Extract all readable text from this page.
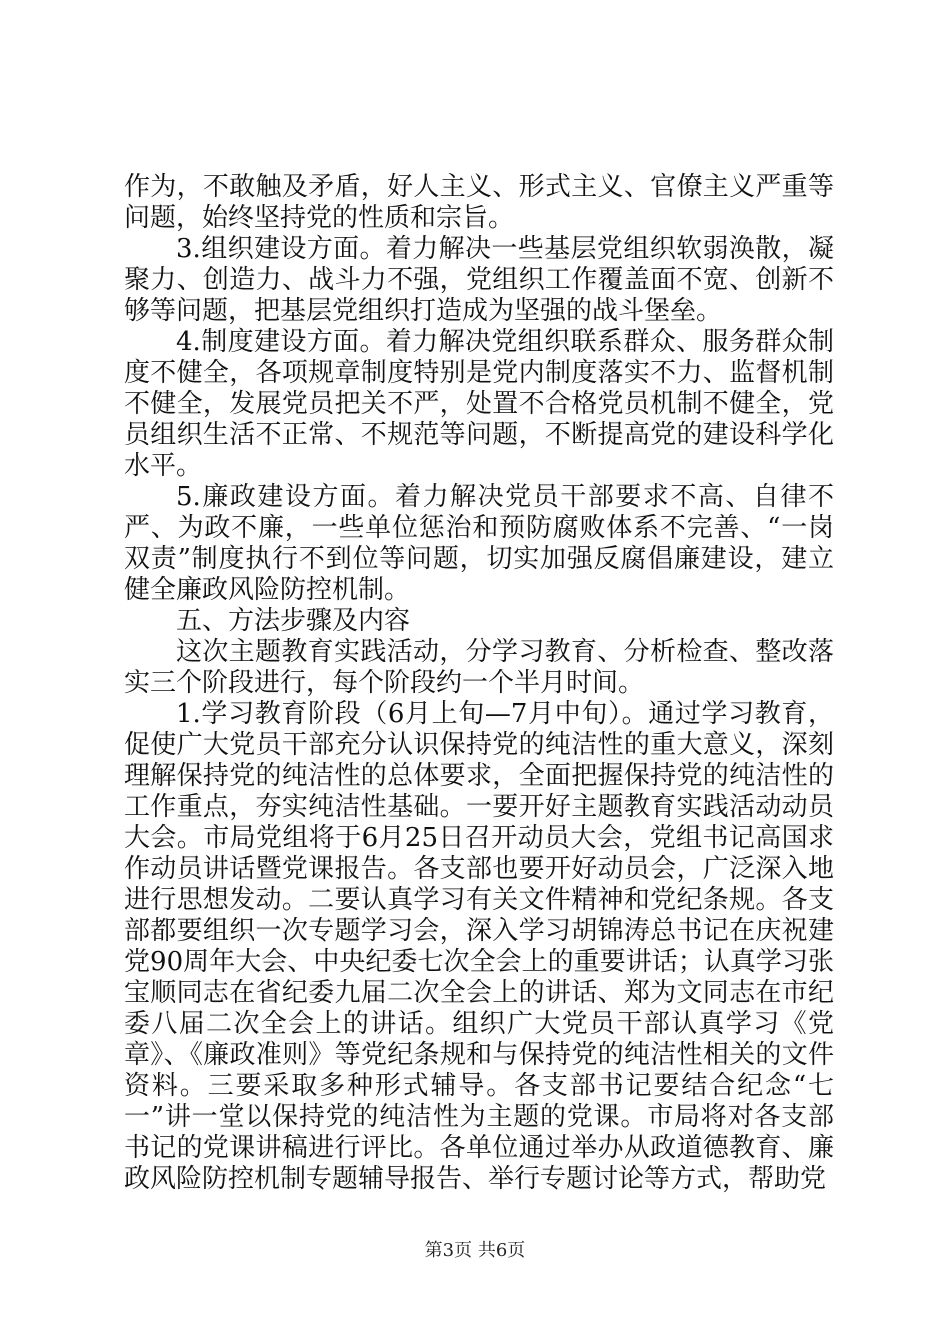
作为，不敢触及矛盾，好人主义、形式主义、官僚主义严重等问题，始终坚持党的性质和宗旨。

3.组织建设方面。着力解决一些基层党组织软弱涣散，凝聚力、创造力、战斗力不强，党组织工作覆盖面不宽、创新不够等问题，把基层党组织打造成为坚强的战斗堡垒。

4.制度建设方面。着力解决党组织联系群众、服务群众制度不健全，各项规章制度特别是党内制度落实不力、监督机制不健全，发展党员把关不严，处置不合格党员机制不健全，党员组织生活不正常、不规范等问题，不断提高党的建设科学化水平。

5.廉政建设方面。着力解决党员干部要求不高、自律不严、为政不廉，一些单位惩治和预防腐败体系不完善、“一岗双责”制度执行不到位等问题，切实加强反腐倡廉建设，建立健全廉政风险防控机制。

五、方法步骤及内容

这次主题教育实践活动，分学习教育、分析检查、整改落实三个阶段进行，每个阶段约一个半月时间。

1.学习教育阶段（6月上旬—7月中旬）。通过学习教育，促使广大党员干部充分认识保持党的纯洁性的重大意义，深刻理解保持党的纯洁性的总体要求，全面把握保持党的纯洁性的工作重点，夯实纯洁性基础。一要开好主题教育实践活动动员大会。市局党组将于6月25日召开动员大会，党组书记高国求作动员讲话暨党课报告。各支部也要开好动员会，广泛深入地进行思想发动。二要认真学习有关文件精神和党纪条规。各支部都要组织一次专题学习会，深入学习胡锦涛总书记在庆祝建党90周年大会、中央纪委七次全会上的重要讲话；认真学习张宝顺同志在省纪委九届二次全会上的讲话、郑为文同志在市纪委八届二次全会上的讲话。组织广大党员干部认真学习《党章》、《廉政准则》等党纪条规和与保持党的纯洁性相关的文件资料。三要采取多种形式辅导。各支部书记要结合纪念“七一”讲一堂以保持党的纯洁性为主题的党课。市局将对各支部书记的党课讲稿进行评比。各单位通过举办从政道德教育、廉政风险防控机制专题辅导报告、举行专题讨论等方式，帮助党

第3页 共6页
